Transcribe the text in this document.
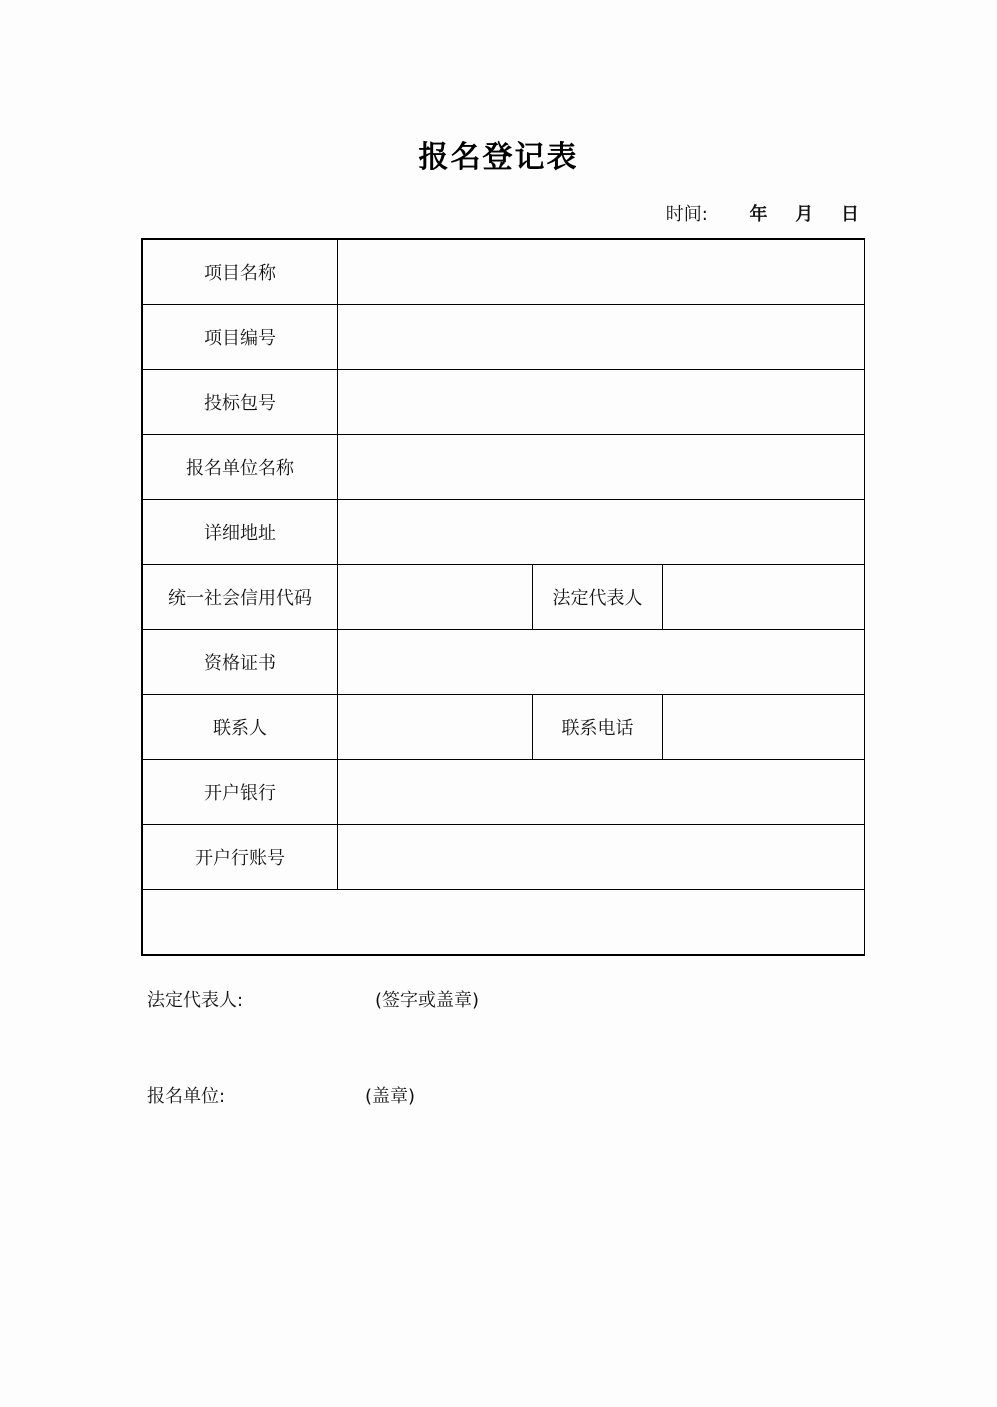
报名登记表
时间: 年 月 日
项目名称			
项目编号			
投标包号			
报名单位名称			
详细地址			
统一社会信用代码		法定代表人	
资格证书			
联系人		联系电话	
开户银行			
开户行账号			

法定代表人: (签字或盖章)
报名单位: (盖章)			
